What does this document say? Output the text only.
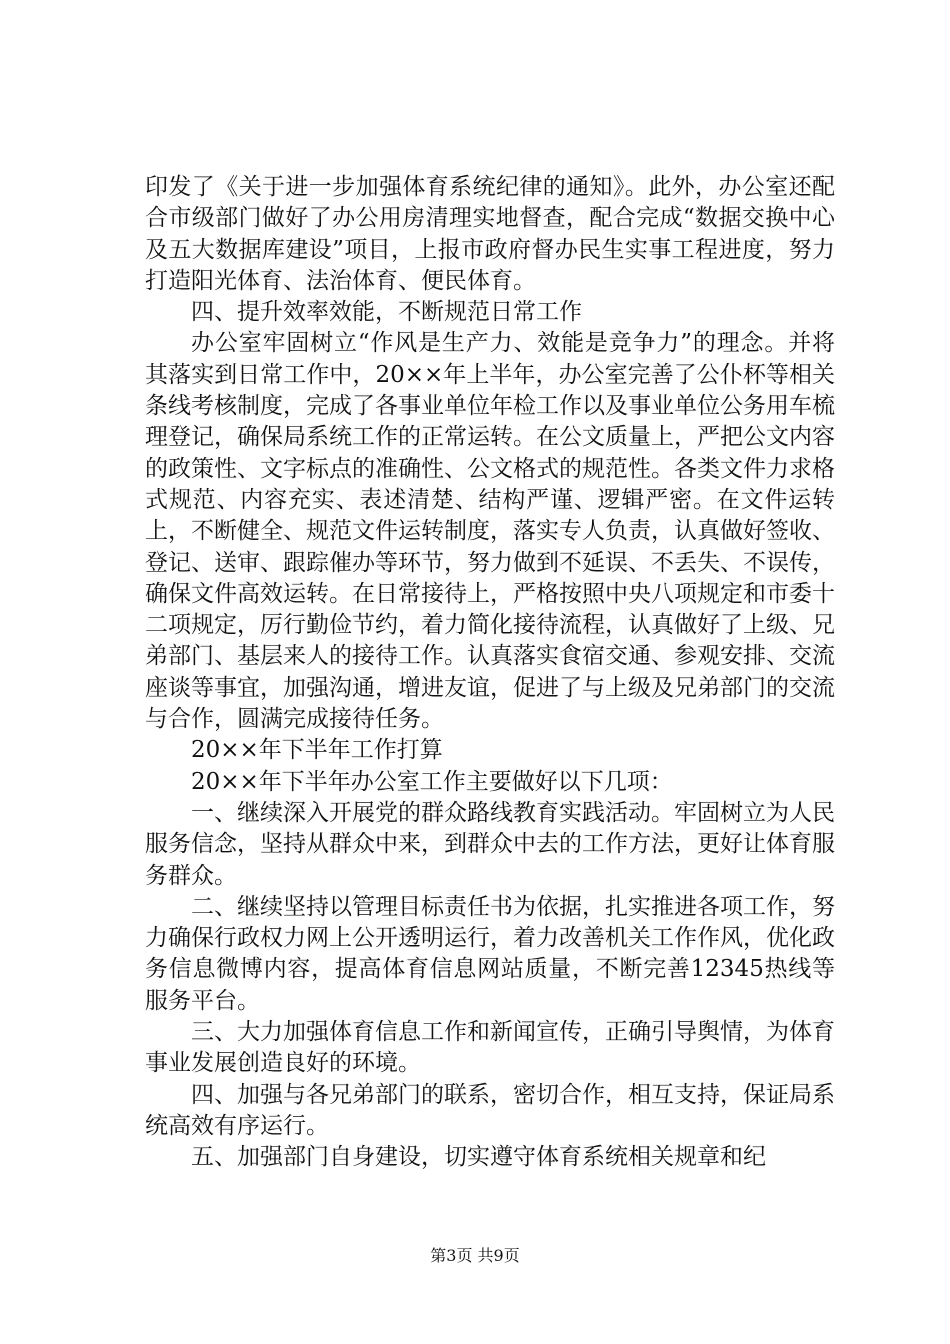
印发了《关于进一步加强体育系统纪律的通知》。此外，办公室还配合市级部门做好了办公用房清理实地督查，配合完成“数据交换中心及五大数据库建设”项目，上报市政府督办民生实事工程进度，努力打造阳光体育、法治体育、便民体育。

四、提升效率效能，不断规范日常工作

办公室牢固树立“作风是生产力、效能是竞争力”的理念。并将其落实到日常工作中，20××年上半年，办公室完善了公仆杯等相关条线考核制度，完成了各事业单位年检工作以及事业单位公务用车梳理登记，确保局系统工作的正常运转。在公文质量上，严把公文内容的政策性、文字标点的准确性、公文格式的规范性。各类文件力求格式规范、内容充实、表述清楚、结构严谨、逻辑严密。在文件运转上，不断健全、规范文件运转制度，落实专人负责，认真做好签收、登记、送审、跟踪催办等环节，努力做到不延误、不丢失、不误传，确保文件高效运转。在日常接待上，严格按照中央八项规定和市委十二项规定，厉行勤俭节约，着力简化接待流程，认真做好了上级、兄弟部门、基层来人的接待工作。认真落实食宿交通、参观安排、交流座谈等事宜，加强沟通，增进友谊，促进了与上级及兄弟部门的交流与合作，圆满完成接待任务。

20××年下半年工作打算

20××年下半年办公室工作主要做好以下几项：

一、继续深入开展党的群众路线教育实践活动。牢固树立为人民服务信念，坚持从群众中来，到群众中去的工作方法，更好让体育服务群众。

二、继续坚持以管理目标责任书为依据，扎实推进各项工作，努力确保行政权力网上公开透明运行，着力改善机关工作作风，优化政务信息微博内容，提高体育信息网站质量，不断完善12345热线等服务平台。

三、大力加强体育信息工作和新闻宣传，正确引导舆情，为体育事业发展创造良好的环境。

四、加强与各兄弟部门的联系，密切合作，相互支持，保证局系统高效有序运行。

五、加强部门自身建设，切实遵守体育系统相关规章和纪

第3页 共9页
